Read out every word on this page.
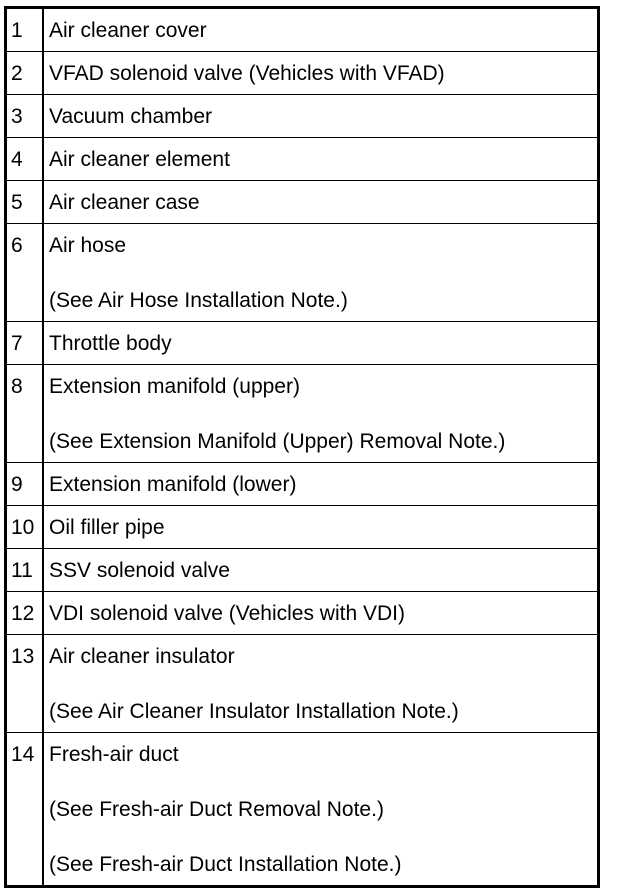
1	Air cleaner cover

2	VFAD solenoid valve (Vehicles with VFAD)

3	Vacuum chamber

4	Air cleaner element

5	Air cleaner case

6	Air hose
(See Air Hose Installation Note.)

7	Throttle body

8	Extension manifold (upper)
(See Extension Manifold (Upper) Removal Note.)

9	Extension manifold (lower)

10	Oil filler pipe

11	SSV solenoid valve

12	VDI solenoid valve (Vehicles with VDI)

13	Air cleaner insulator
(See Air Cleaner Insulator Installation Note.)

14	Fresh-air duct
(See Fresh-air Duct Removal Note.)
(See Fresh-air Duct Installation Note.)
